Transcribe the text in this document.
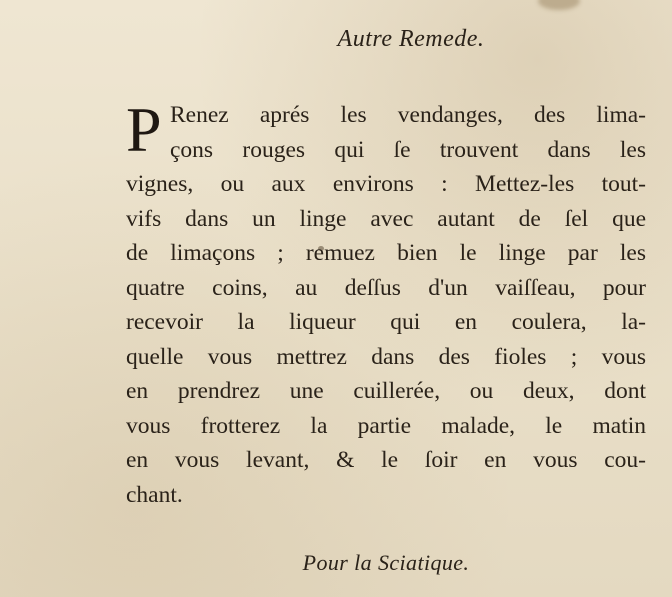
Autre Remede.
P Renez aprés les vendanges, des lima-
çons rouges qui ſe trouvent dans les
vignes, ou aux environs : Mettez-les tout-
vifs dans un linge avec autant de ſel que
de limaçons ; remuez bien le linge par les
quatre coins, au deſſus d'un vaiſſeau, pour
recevoir la liqueur qui en coulera, la-
quelle vous mettrez dans des fioles ; vous
en prendrez une cuillerée, ou deux, dont
vous frotterez la partie malade, le matin
en vous levant, & le ſoir en vous cou-
chant.
Pour la Sciatique.
